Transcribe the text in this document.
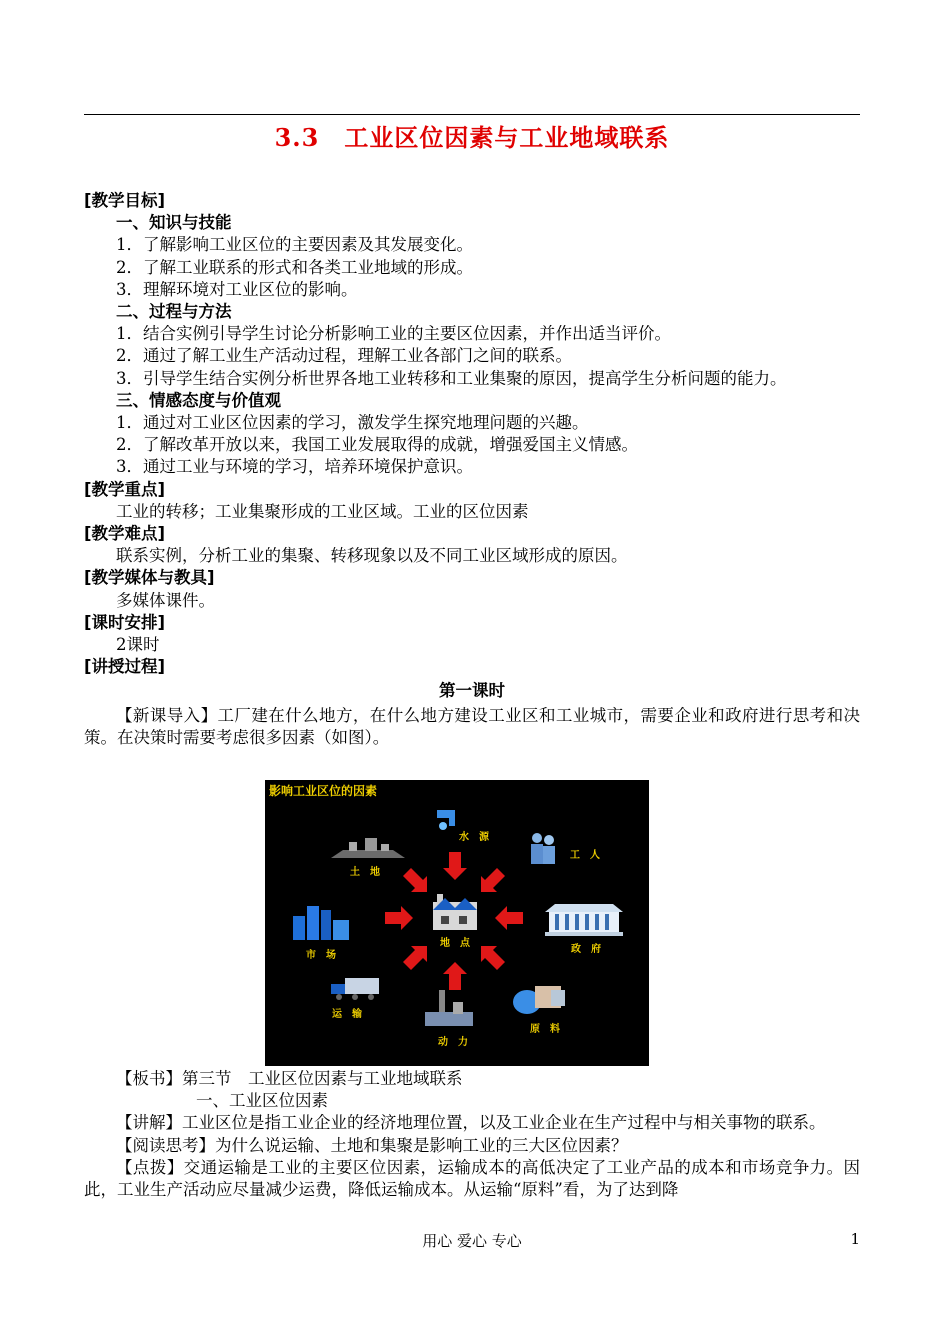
3.3　工业区位因素与工业地域联系
[教学目标]
一、知识与技能
1．了解影响工业区位的主要因素及其发展变化。
2．了解工业联系的形式和各类工业地域的形成。
3．理解环境对工业区位的影响。
二、过程与方法
1．结合实例引导学生讨论分析影响工业的主要区位因素，并作出适当评价。
2．通过了解工业生产活动过程，理解工业各部门之间的联系。
3．引导学生结合实例分析世界各地工业转移和工业集聚的原因，提高学生分析问题的能力。
三、情感态度与价值观
1．通过对工业区位因素的学习，激发学生探究地理问题的兴趣。
2．了解改革开放以来，我国工业发展取得的成就，增强爱国主义情感。
3．通过工业与环境的学习，培养环境保护意识。
[教学重点]
工业的转移；工业集聚形成的工业区域。工业的区位因素
[教学难点]
联系实例，分析工业的集聚、转移现象以及不同工业区域形成的原因。
[教学媒体与教具]
多媒体课件。
[课时安排]
2课时
[讲授过程]
第一课时
【新课导入】工厂建在什么地方，在什么地方建设工业区和工业城市，需要企业和政府进行思考和决策。在决策时需要考虑很多因素（如图）。
影响工业区位的因素
地　点
水　源
工　人
土　地
政　府
市　场
运　输
动　力
原　料
【板书】第三节　工业区位因素与工业地域联系
一、工业区位因素
【讲解】工业区位是指工业企业的经济地理位置，以及工业企业在生产过程中与相关事物的联系。
【阅读思考】为什么说运输、土地和集聚是影响工业的三大区位因素？
【点拨】交通运输是工业的主要区位因素，运输成本的高低决定了工业产品的成本和市场竞争力。因此，工业生产活动应尽量减少运费，降低运输成本。从运输“原料”看，为了达到降
用心 爱心 专心	1
